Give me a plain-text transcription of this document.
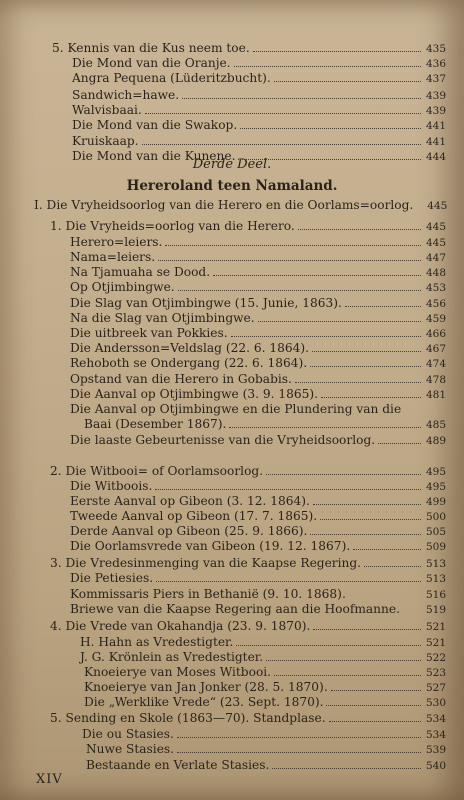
Derde Deel.
Hereroland teen Namaland.
5. Kennis van die Kus neem toe.	435
Die Mond van die Oranje.	436
Angra Pequena (Lüderitzbucht).	437
Sandwich=hawe.	439
Walvisbaai.	439
Die Mond van die Swakop.	441
Kruiskaap.	441
Die Mond van die Kunene.	444
I. Die Vryheidsoorlog van die Herero en die Oorlams=oorlog. 445
1. Die Vryheids=oorlog van die Herero.	445
Herero=leiers.	445
Nama=leiers.	447
Na Tjamuaha se Dood.	448
Op Otjimbingwe.	453
Die Slag van Otjimbingwe (15. Junie, 1863).	456
Na die Slag van Otjimbingwe.	459
Die uitbreek van Pokkies.	466
Die Andersson=Veldslag (22. 6. 1864).	467
Rehoboth se Ondergang (22. 6. 1864).	474
Opstand van die Herero in Gobabis.	478
Die Aanval op Otjimbingwe (3. 9. 1865).	481
Die Aanval op Otjimbingwe en die Plundering van die
Baai (Desember 1867).	485
Die laaste Gebeurtenisse van die Vryheidsoorlog.	489
2. Die Witbooi= of Oorlamsoorlog.	495
Die Witboois.	495
Eerste Aanval op Gibeon (3. 12. 1864).	499
Tweede Aanval op Gibeon (17. 7. 1865).	500
Derde Aanval op Gibeon (25. 9. 1866).	505
Die Oorlamsvrede van Gibeon (19. 12. 1867).	509
3. Die Vredesinmenging van die Kaapse Regering.	513
Die Petiesies.	513
Kommissaris Piers in Bethanië (9. 10. 1868).	516
Briewe van die Kaapse Regering aan die Hoofmanne. 519
4. Die Vrede van Okahandja (23. 9. 1870).	521
H. Hahn as Vredestigter.	521
J. G. Krönlein as Vredestigter.	522
Knoeierye van Moses Witbooi.	523
Knoeierye van Jan Jonker (28. 5. 1870).	527
Die „Werklike Vrede“ (23. Sept. 1870).	530
5. Sending en Skole (1863—70). Standplase.	534
Die ou Stasies.	534
Nuwe Stasies.	539
Bestaande en Verlate Stasies.	540
XIV
